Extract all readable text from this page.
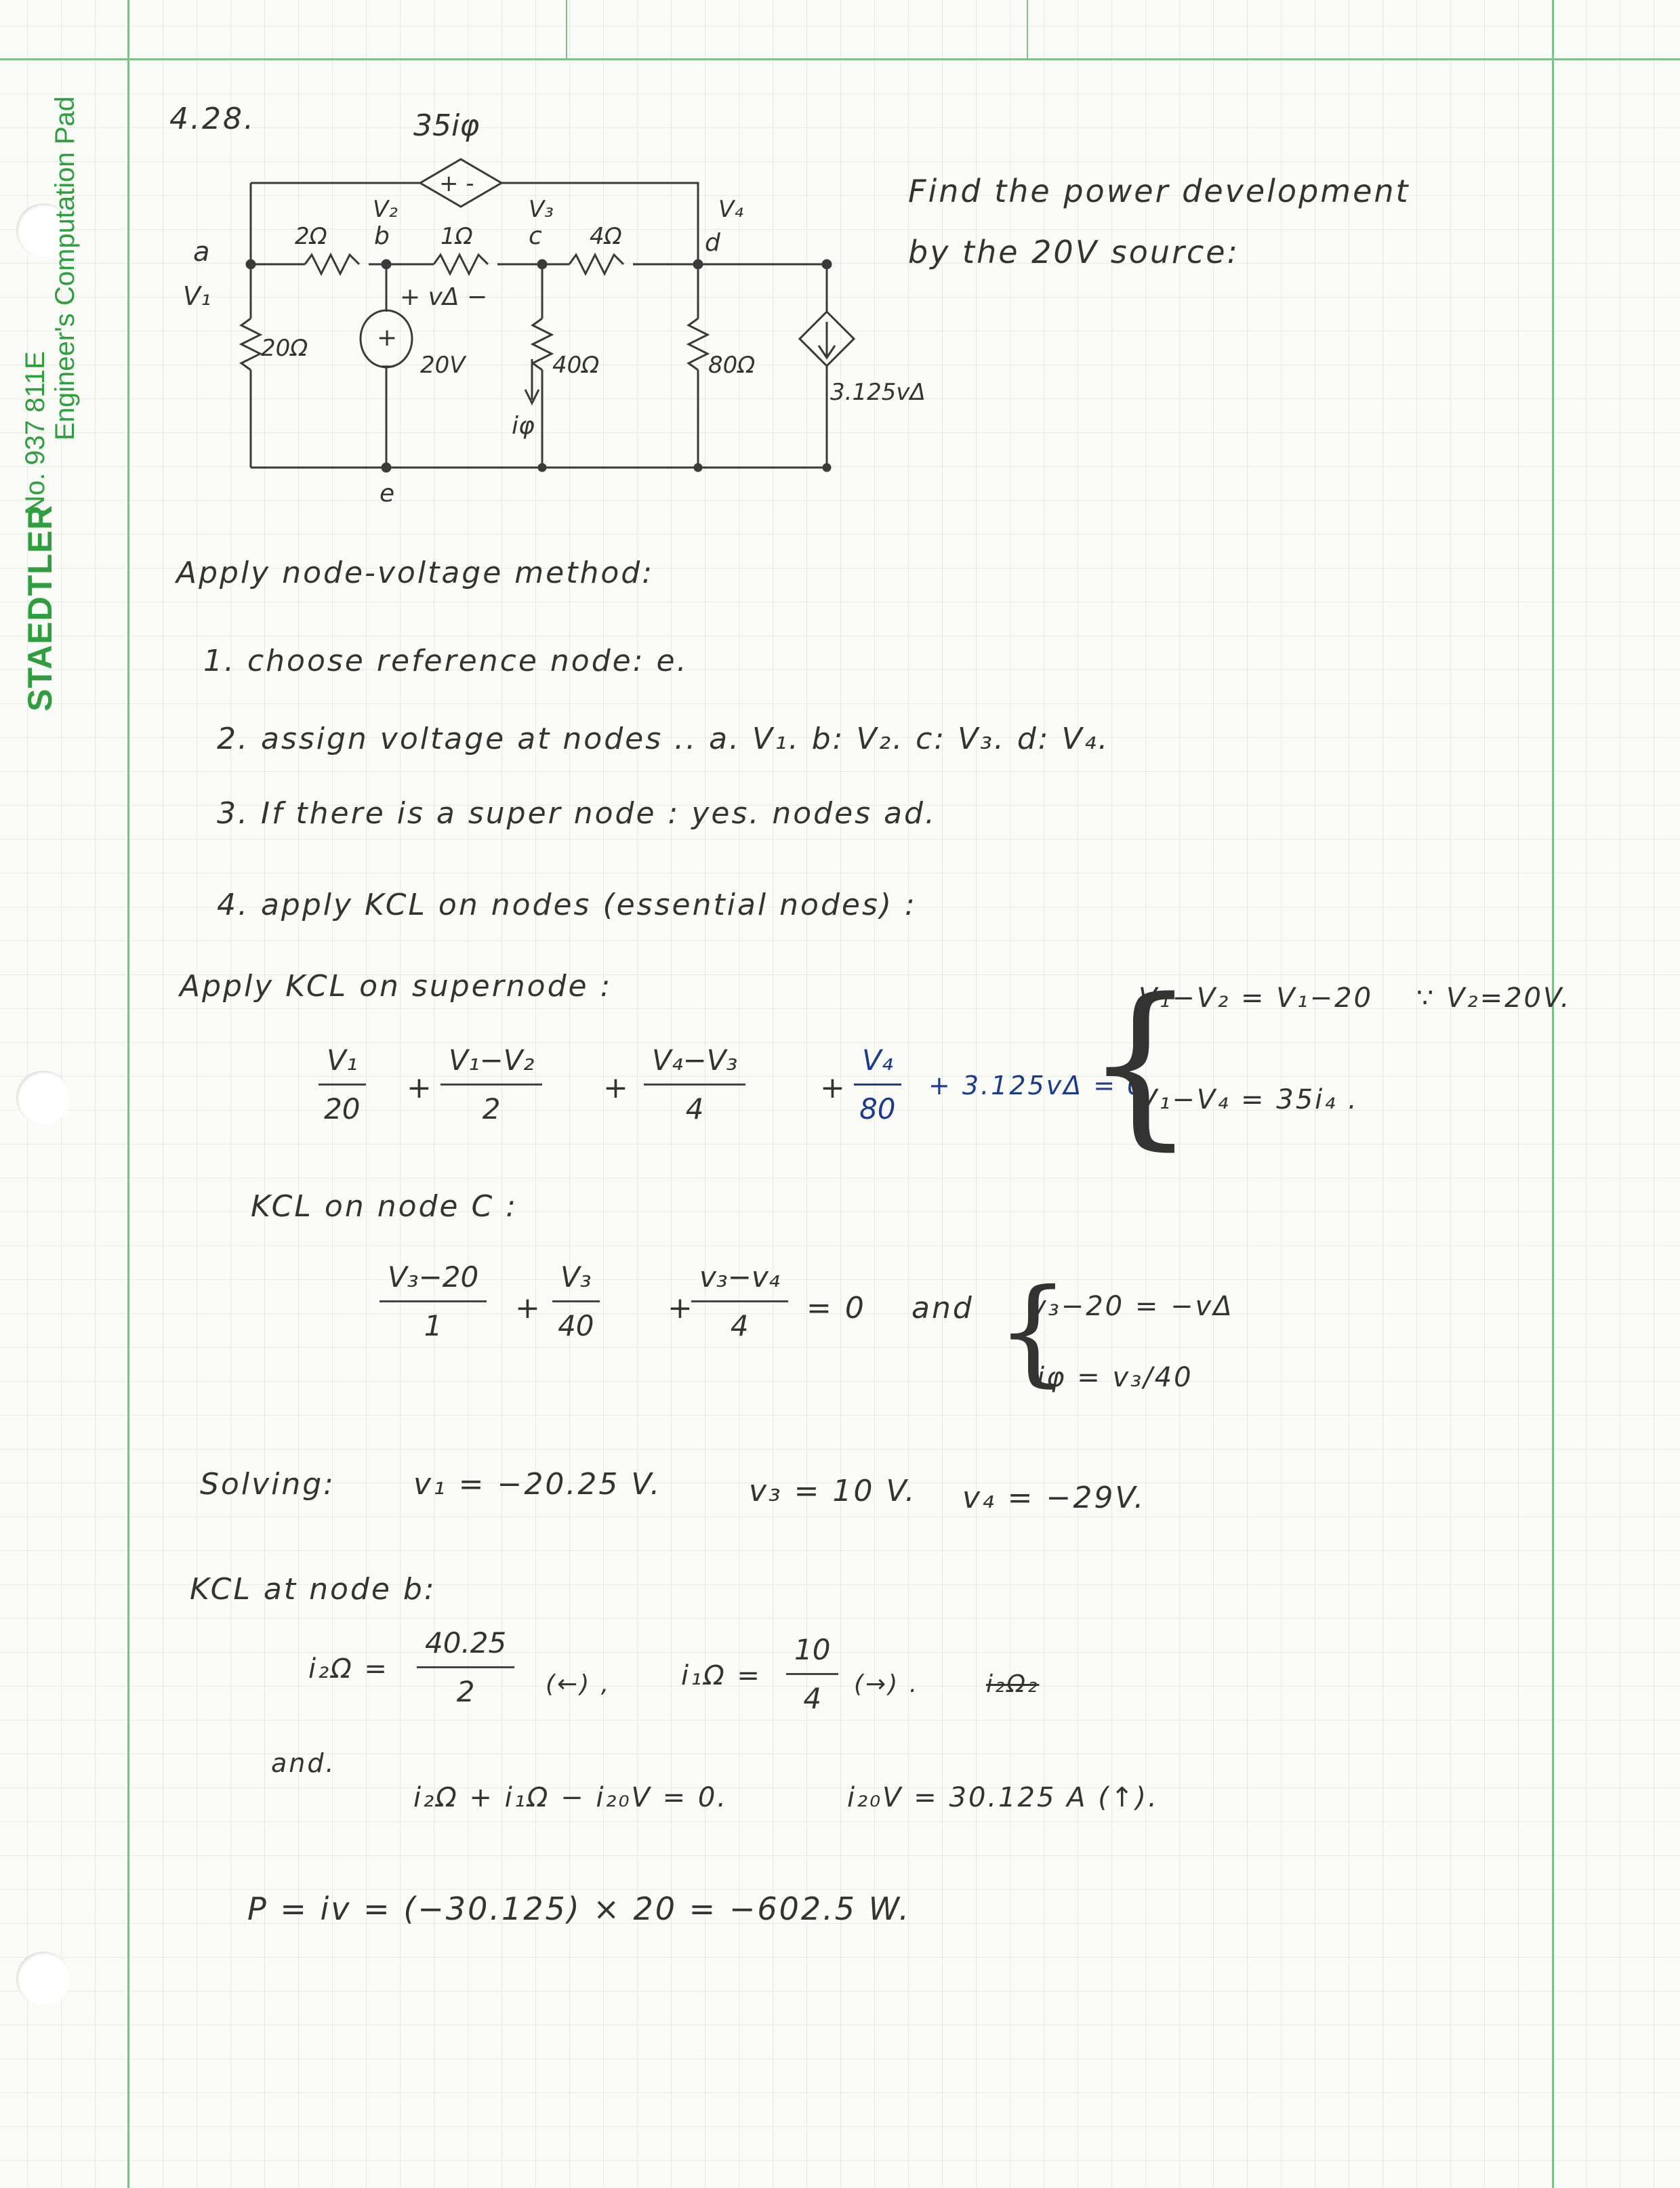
STAEDTLER
No. 937 811E Engineer's Computation Pad	4.28.
Find the power development
by the 20V source:
+ -
35iφ
a
V₁
2Ω
V₂
b 1Ω
V₃
c 4Ω	d
V₄
+ vΔ −
20Ω	+
− 20V	40Ω
iφ
80Ω
3.125vΔ
e
Apply node-voltage method:
1. choose reference node: e.
2. assign voltage at nodes .. a. V₁. b: V₂. c: V₃. d: V₄.
3. If there is a super node : yes. nodes ad.
4. apply KCL on nodes (essential nodes) :
Apply KCL on supernode :
$\frac{\text{V₁}}{20} + \frac{\text{V₁−V₂}}{2} + \frac{\text{V₄−V₃}}{4} + \frac{\text{V₄}}{80} + 3.125v\Delta = 0$
{
V₁−V₂ = V₁−20 ∵ V₂=20V.
V₁−V₄ = 35i₄ .
KCL on node C :
$\frac{\text{V₃−20}}{1} + \frac{\text{V₃}}{40}$ +
$\frac{\text{v₃−v₄}}{4} = 0$ and {
v₃−20 = −vΔ
iφ = v₃/40
Solving:	v₁ = −20.25 V.	v₃ = 10 V. v₄ = −29V.
KCL at node b:
$i_2\Omega = \frac{40.25}{2}$ (←) ,	$i_1\Omega = \frac{10}{4}$ (→) .	i₂Ω₂
and.
i₂Ω + i₁Ω − i₂₀V = 0.	i₂₀V = 30.125 A (↑).
P = iv = (−30.125) × 20 = −602.5 W.
